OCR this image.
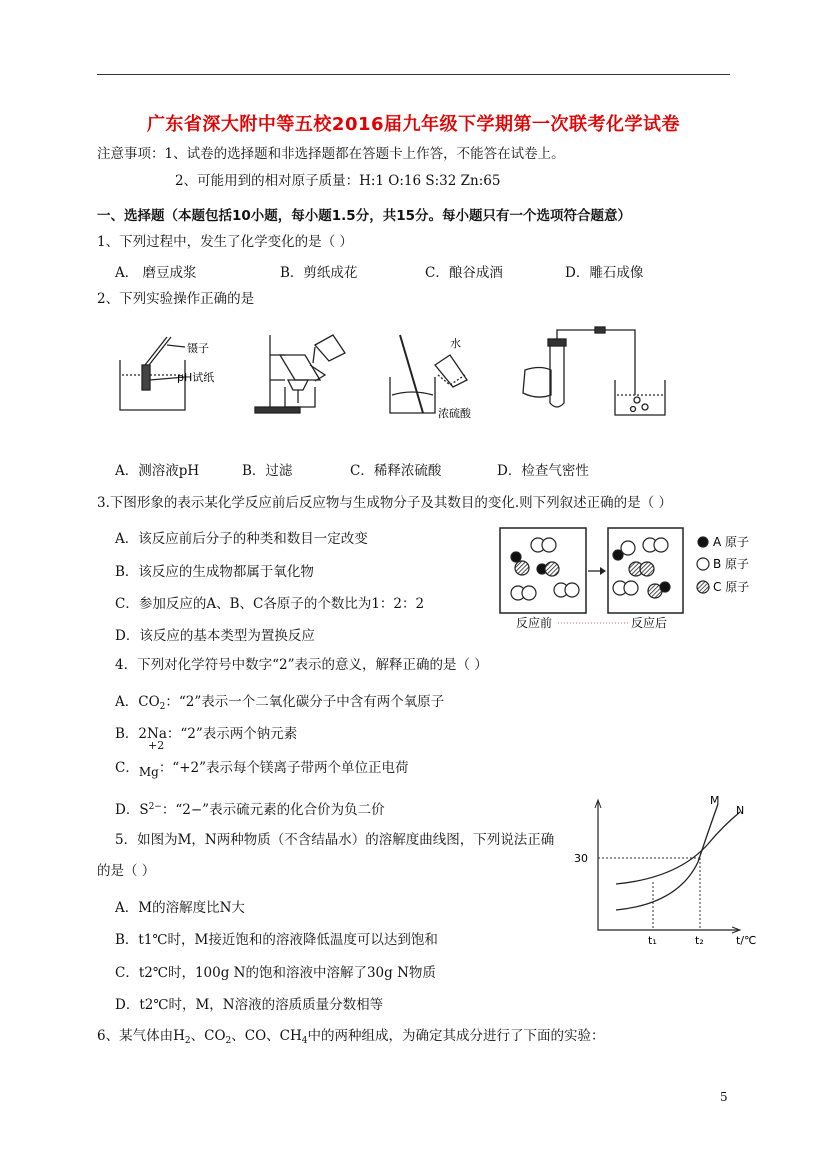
广东省深大附中等五校2016届九年级下学期第一次联考化学试卷
注意事项：1、试卷的选择题和非选择题都在答题卡上作答，不能答在试卷上。
2、可能用到的相对原子质量：H:1 O:16 S:32 Zn:65
一、选择题（本题包括10小题，每小题1.5分，共15分。每小题只有一个选项符合题意）
1、下列过程中，发生了化学变化的是（ ）
A． 磨豆成浆	B．剪纸成花	C．酿谷成酒	D．雕石成像
2、下列实验操作正确的是
镊子
pH试纸
水
浓硫酸
A．测溶液pH	B．过滤	C．稀释浓硫酸	D．检查气密性
3.下图形象的表示某化学反应前后反应物与生成物分子及其数目的变化.则下列叙述正确的是（ ）
A．该反应前后分子的种类和数目一定改变
B．该反应的生成物都属于氧化物
C．参加反应的A、B、C各原子的个数比为1：2：2
D．该反应的基本类型为置换反应
A 原子
B 原子
C 原子
反应前	反应后
4．下列对化学符号中数字“2”表示的意义，解释正确的是（ ）
A．$CO_2$：“2”表示一个二氧化碳分子中含有两个氧原子
B．2Na：“2”表示两个钠元素
+2
C．Mg：“+2”表示每个镁离子带两个单位正电荷
D．$S^{2-}$：“2−”表示硫元素的化合价为负二价
5．如图为M，N两种物质（不含结晶水）的溶解度曲线图，下列说法正确
的是（ ）
A．M的溶解度比N大
B．t1℃时，M接近饱和的溶液降低温度可以达到饱和
C．t2℃时，100g N的饱和溶液中溶解了30g N物质
D．t2℃时，M，N溶液的溶质质量分数相等
M
N
30
t₁	t₂	t/℃
6、某气体由$H_2$、$CO_2$、CO、$CH_4$中的两种组成，为确定其成分进行了下面的实验：
5
